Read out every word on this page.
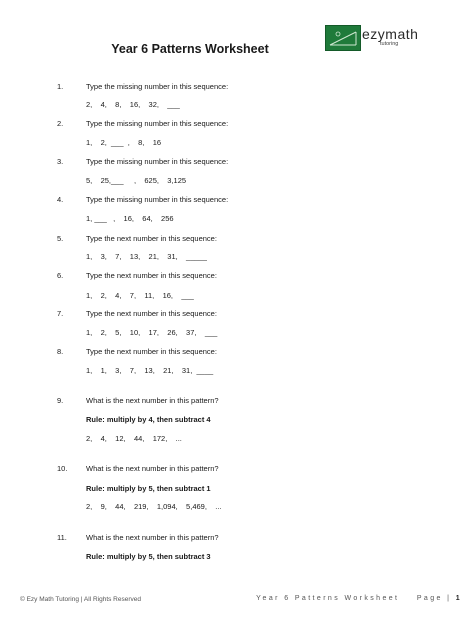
Year 6 Patterns Worksheet
ezymath
tutoring
1.	Type the missing number in this sequence:
2,    4,    8,    16,    32,    ___
2.	Type the missing number in this sequence:
1,    2,  ___  ,    8,    16
3.	Type the missing number in this sequence:
5,    25,___     ,    625,    3,125
4.	Type the missing number in this sequence:
1, ___   ,    16,    64,    256
5.	Type the next number in this sequence:
1,    3,    7,    13,    21,    31,    _____
6.	Type the next number in this sequence:
1,    2,    4,    7,    11,    16,    ___
7.	Type the next number in this sequence:
1,    2,    5,    10,    17,    26,    37,    ___
8.	Type the next number in this sequence:
1,    1,    3,    7,    13,    21,    31,  ____
9.	What is the next number in this pattern?
Rule: multiply by 4, then subtract 4
2,    4,    12,    44,    172,    ...
10. What is the next number in this pattern?
Rule: multiply by 5, then subtract 1
2,    9,    44,    219,    1,094,    5,469,    ...
11.	What is the next number in this pattern?
Rule: multiply by 5, then subtract 3
© Ezy Math Tutoring | All Rights Reserved	Year 6 Patterns Worksheet Page | 1
